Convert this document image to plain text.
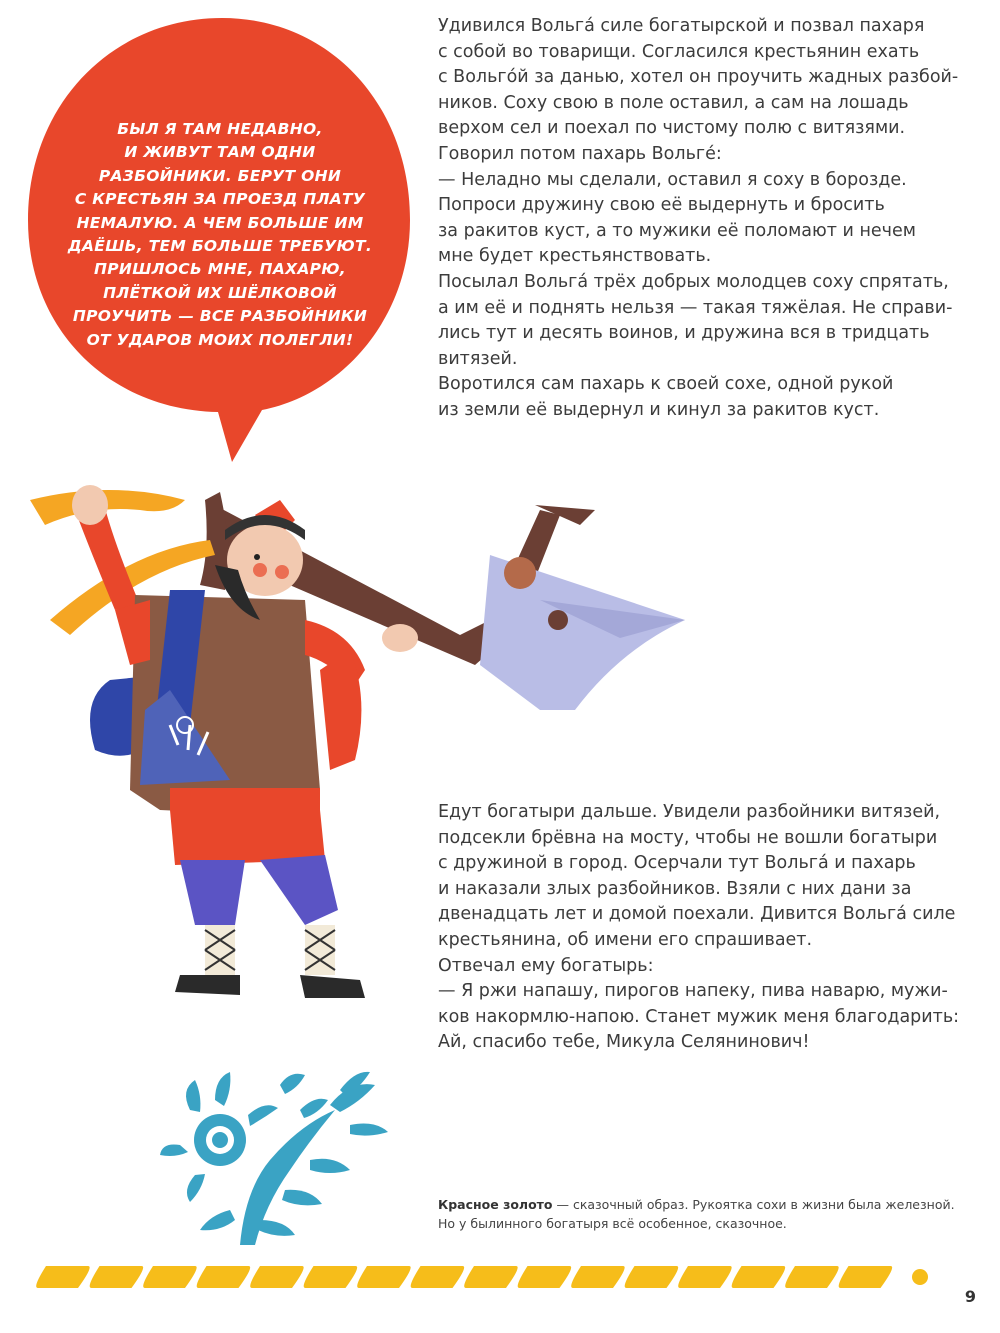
БЫЛ Я ТАМ НЕДАВНО,
И ЖИВУТ ТАМ ОДНИ
РАЗБОЙНИКИ. БЕРУТ ОНИ
С КРЕСТЬЯН ЗА ПРОЕЗД ПЛАТУ
НЕМАЛУЮ. А ЧЕМ БОЛЬШЕ ИМ
ДАЁШЬ, ТЕМ БОЛЬШЕ ТРЕБУЮТ.
ПРИШЛОСЬ МНЕ, ПАХАРЮ,
ПЛЁТКОЙ ИХ ШЁЛКОВОЙ
ПРОУЧИТЬ — ВСЕ РАЗБОЙНИКИ
ОТ УДАРОВ МОИХ ПОЛЕГЛИ!
Удивился Вольга́ силе богатырской и позвал пахаря
с собой во товарищи. Согласился крестьянин ехать
с Вольго́й за данью, хотел он проучить жадных разбой-
ников. Соху свою в поле оставил, а сам на лошадь
верхом сел и поехал по чистому полю с витязями.
Говорил потом пахарь Вольге́:
— Неладно мы сделали, оставил я соху в борозде.
Попроси дружину свою её выдернуть и бросить
за ракитов куст, а то мужики её поломают и нечем
мне будет крестьянствовать.
Посылал Вольга́ трёх добрых молодцев соху спрятать,
а им её и поднять нельзя — такая тяжёлая. Не справи-
лись тут и десять воинов, и дружина вся в тридцать
витязей.
Воротился сам пахарь к своей сохе, одной рукой
из земли её выдернул и кинул за ракитов куст.
Едут богатыри дальше. Увидели разбойники витязей,
подсекли брёвна на мосту, чтобы не вошли богатыри
с дружиной в город. Осерчали тут Вольга́ и пахарь
и наказали злых разбойников. Взяли с них дани за
двенадцать лет и домой поехали. Дивится Вольга́ силе
крестьянина, об имени его спрашивает.
Отвечал ему богатырь:
— Я ржи напашу, пирогов напеку, пива наварю, мужи-
ков накормлю-напою. Станет мужик меня благодарить:
Ай, спасибо тебе, Микула Селянинович!
Красное золото — сказочный образ. Рукоятка сохи в жизни была железной.
Но у былинного богатыря всё особенное, сказочное.
9
